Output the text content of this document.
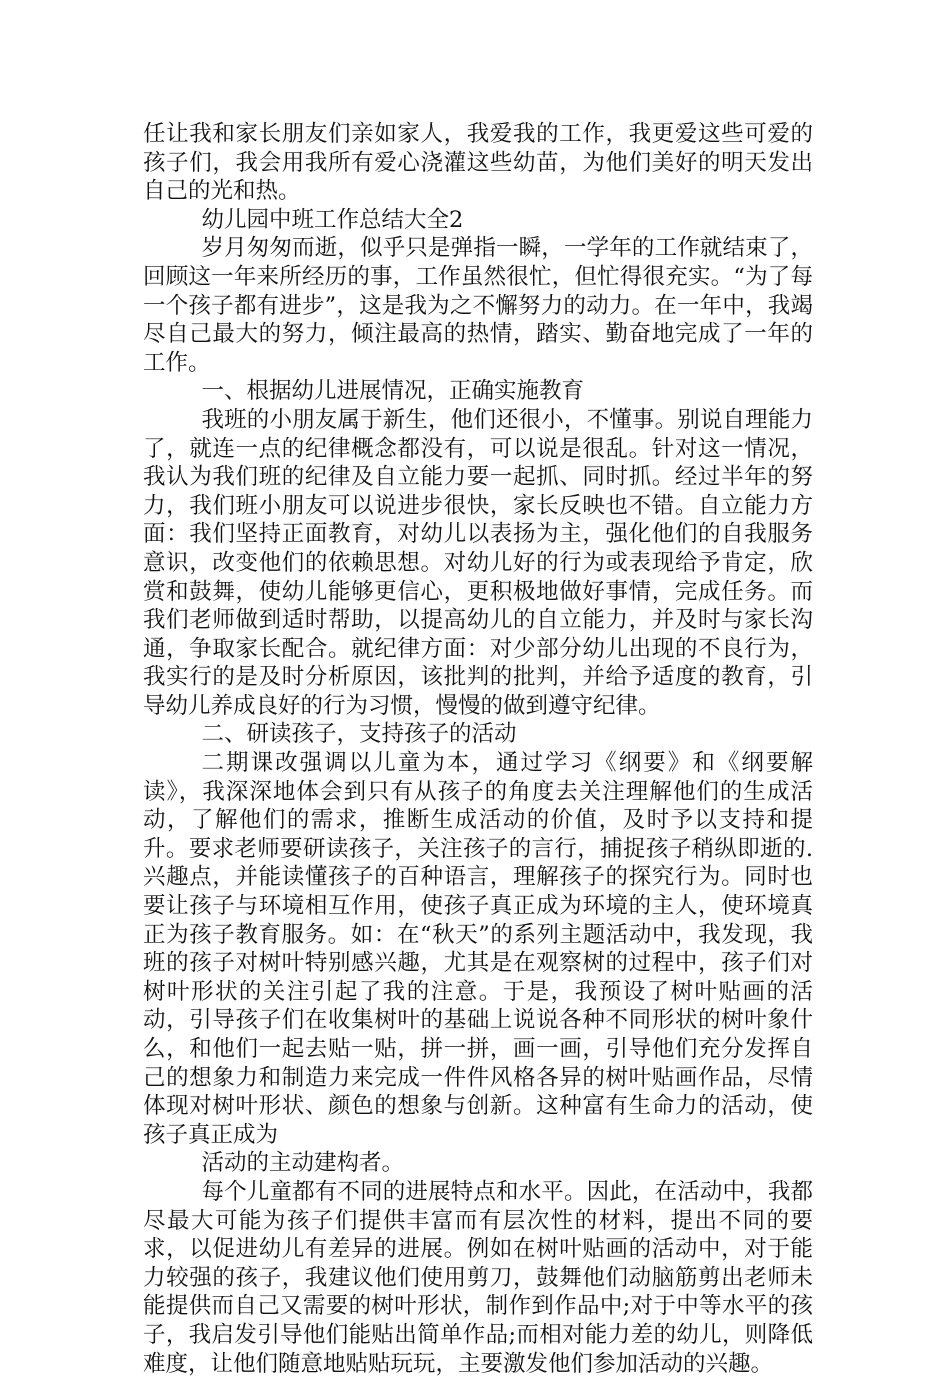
任让我和家长朋友们亲如家人，我爱我的工作，我更爱这些可爱的孩子们，我会用我所有爱心浇灌这些幼苗，为他们美好的明天发出自己的光和热。

幼儿园中班工作总结大全2

岁月匆匆而逝，似乎只是弹指一瞬，一学年的工作就结束了，回顾这一年来所经历的事，工作虽然很忙，但忙得很充实。“为了每一个孩子都有进步”，这是我为之不懈努力的动力。在一年中，我竭尽自己最大的努力，倾注最高的热情，踏实、勤奋地完成了一年的工作。

一、根据幼儿进展情况，正确实施教育

我班的小朋友属于新生，他们还很小，不懂事。别说自理能力了，就连一点的纪律概念都没有，可以说是很乱。针对这一情况，我认为我们班的纪律及自立能力要一起抓、同时抓。经过半年的努力，我们班小朋友可以说进步很快，家长反映也不错。自立能力方面：我们坚持正面教育，对幼儿以表扬为主，强化他们的自我服务意识，改变他们的依赖思想。对幼儿好的行为或表现给予肯定，欣赏和鼓舞，使幼儿能够更信心，更积极地做好事情，完成任务。而我们老师做到适时帮助，以提高幼儿的自立能力，并及时与家长沟通，争取家长配合。就纪律方面：对少部分幼儿出现的不良行为，我实行的是及时分析原因，该批判的批判，并给予适度的教育，引导幼儿养成良好的行为习惯，慢慢的做到遵守纪律。

二、研读孩子，支持孩子的活动

二期课改强调以儿童为本，通过学习《纲要》和《纲要解读》，我深深地体会到只有从孩子的角度去关注理解他们的生成活动，了解他们的需求，推断生成活动的价值，及时予以支持和提升。要求老师要研读孩子，关注孩子的言行，捕捉孩子稍纵即逝的.兴趣点，并能读懂孩子的百种语言，理解孩子的探究行为。同时也要让孩子与环境相互作用，使孩子真正成为环境的主人，使环境真正为孩子教育服务。如：在“秋天”的系列主题活动中，我发现，我班的孩子对树叶特别感兴趣，尤其是在观察树的过程中，孩子们对树叶形状的关注引起了我的注意。于是，我预设了树叶贴画的活动，引导孩子们在收集树叶的基础上说说各种不同形状的树叶象什么，和他们一起去贴一贴，拼一拼，画一画，引导他们充分发挥自己的想象力和制造力来完成一件件风格各异的树叶贴画作品，尽情体现对树叶形状、颜色的想象与创新。这种富有生命力的活动，使孩子真正成为

活动的主动建构者。

每个儿童都有不同的进展特点和水平。因此，在活动中，我都尽最大可能为孩子们提供丰富而有层次性的材料，提出不同的要求，以促进幼儿有差异的进展。例如在树叶贴画的活动中，对于能力较强的孩子，我建议他们使用剪刀，鼓舞他们动脑筋剪出老师未能提供而自己又需要的树叶形状，制作到作品中;对于中等水平的孩子，我启发引导他们能贴出简单作品;而相对能力差的幼儿，则降低难度，让他们随意地贴贴玩玩，主要激发他们参加活动的兴趣。
